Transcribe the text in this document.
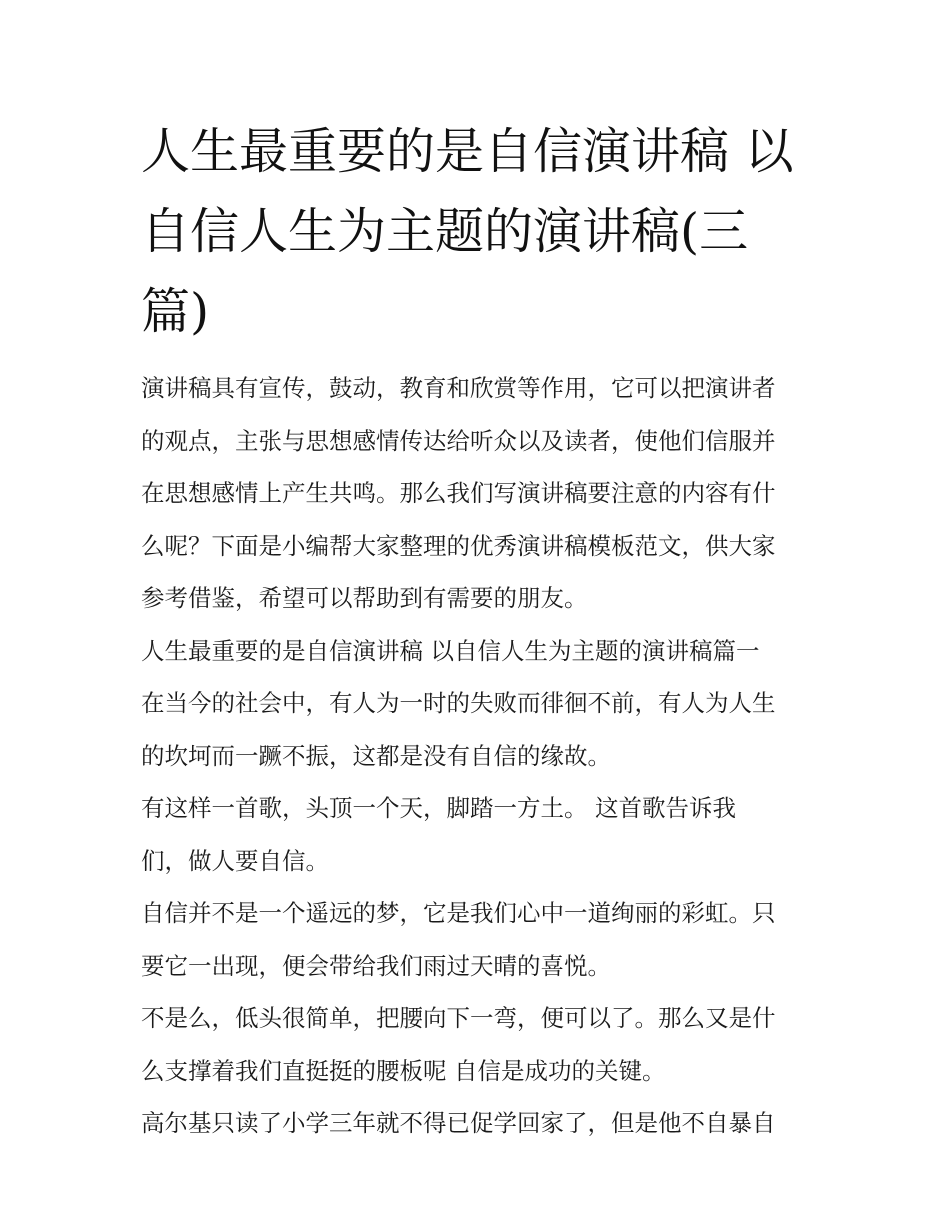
人生最重要的是自信演讲稿 以
自信人生为主题的演讲稿(三
篇)

演讲稿具有宣传，鼓动，教育和欣赏等作用，它可以把演讲者
的观点，主张与思想感情传达给听众以及读者，使他们信服并
在思想感情上产生共鸣。那么我们写演讲稿要注意的内容有什
么呢？下面是小编帮大家整理的优秀演讲稿模板范文，供大家
参考借鉴，希望可以帮助到有需要的朋友。

人生最重要的是自信演讲稿 以自信人生为主题的演讲稿篇一

在当今的社会中，有人为一时的失败而徘徊不前，有人为人生
的坎坷而一蹶不振，这都是没有自信的缘故。

有这样一首歌，头顶一个天，脚踏一方土。 这首歌告诉我
们，做人要自信。

自信并不是一个遥远的梦，它是我们心中一道绚丽的彩虹。只
要它一出现，便会带给我们雨过天晴的喜悦。

不是么，低头很简单，把腰向下一弯，便可以了。那么又是什
么支撑着我们直挺挺的腰板呢 自信是成功的关键。

高尔基只读了小学三年就不得已促学回家了，但是他不自暴自
